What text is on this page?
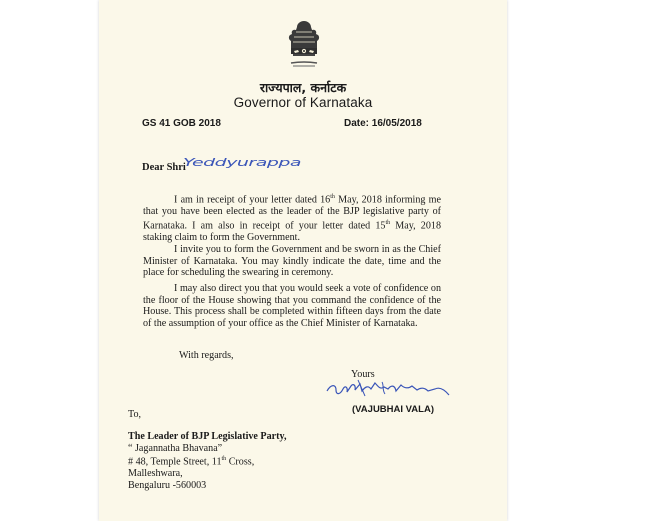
राज्यपाल, कर्नाटक
Governor of Karnataka
GS 41 GOB 2018	Date: 16/05/2018
Dear Shri
Yeddyurappa
I am in receipt of your letter dated 16th May, 2018 informing me that you have been elected as the leader of the BJP legislative party of Karnataka. I am also in receipt of your letter dated 15th May, 2018 staking claim to form the Government.
I invite you to form the Government and be sworn in as the Chief Minister of Karnataka. You may kindly indicate the date, time and the place for scheduling the swearing in ceremony.
I may also direct you that you would seek a vote of confidence on the floor of the House showing that you command the confidence of the House. This process shall be completed within fifteen days from the date of the assumption of your office as the Chief Minister of Karnataka.
With regards,
Yours
(VAJUBHAI VALA)
To,
The Leader of BJP Legislative Party,
“ Jagannatha Bhavana”
# 48, Temple Street, 11th Cross,
Malleshwara,
Bengaluru -560003
